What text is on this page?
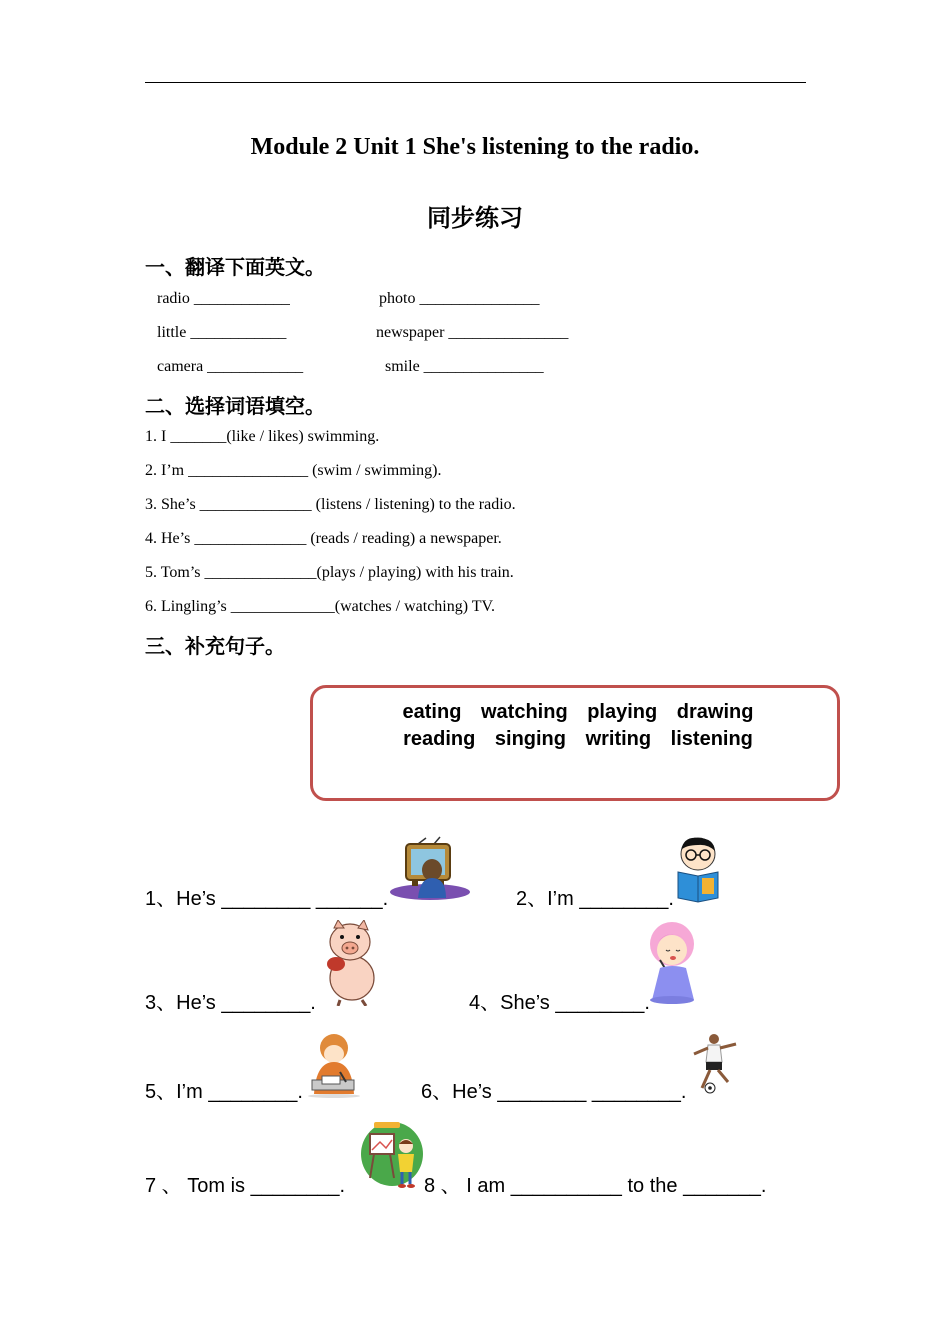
Module 2 Unit 1 She's listening to the radio.
同步练习
一、翻译下面英文。
radio ____________	photo _______________
little ____________	newspaper _______________
camera ____________	smile _______________
二、选择词语填空。
1. I _______(like / likes) swimming.
2. I’m _______________ (swim / swimming).
3. She’s ______________ (listens / listening) to the radio.
4. He’s ______________ (reads / reading) a newspaper.
5. Tom’s ______________(plays / playing) with his train.
6. Lingling’s _____________(watches / watching) TV.
三、补充句子。
eating watching playing drawing
reading singing writing listening
1、He’s ________ ______.	2、I’m ________.
3、He’s ________.	4、She’s ________.
5、I’m ________.	6、He’s ________ ________.
7 、 Tom is ________.	8 、 I am __________ to the _______.
